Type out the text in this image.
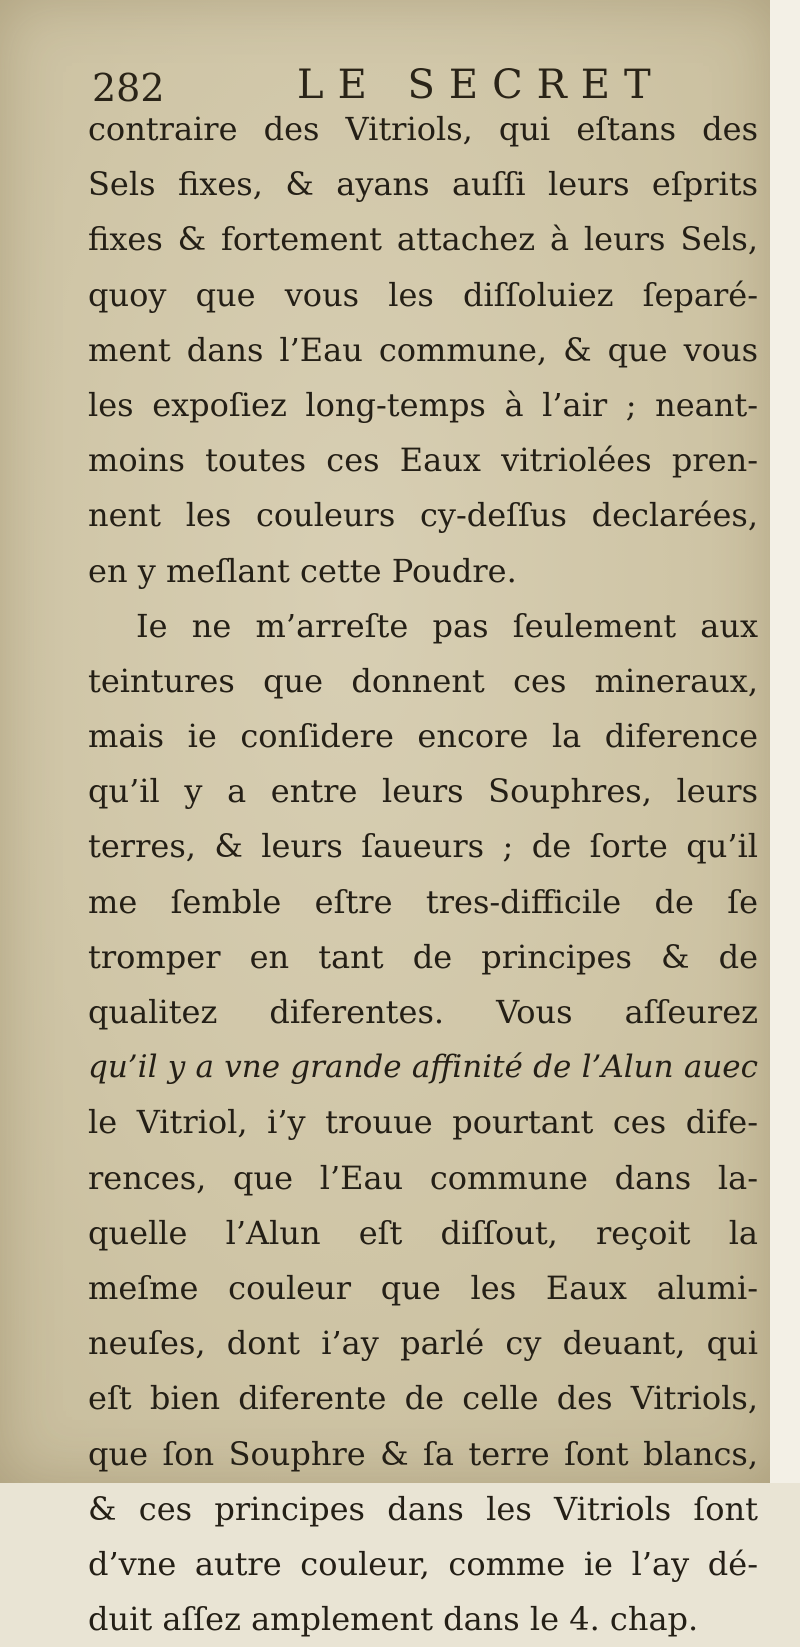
282	LE SECRET
contraire des Vitriols, qui eſtans des
Sels fixes, & ayans auſſi leurs eſprits
fixes & fortement attachez à leurs Sels,
quoy que vous les diſſoluiez ſeparé-
ment dans l’Eau commune, & que vous
les expoſiez long-temps à l’air ; neant-
moins toutes ces Eaux vitriolées pren-
nent les couleurs cy-deſſus declarées,
en y meſlant cette Poudre.
Ie ne m’arreſte pas ſeulement aux
teintures que donnent ces mineraux,
mais ie conſidere encore la diference
qu’il y a entre leurs Souphres, leurs
terres, & leurs ſaueurs ; de ſorte qu’il
me ſemble eſtre tres-difficile de ſe
tromper en tant de principes & de
qualitez diferentes. Vous aſſeurez
qu’il y a vne grande affinité de l’Alun auec
le Vitriol, i’y trouue pourtant ces dife-
rences, que l’Eau commune dans la-
quelle l’Alun eſt diſſout, reçoit la
meſme couleur que les Eaux alumi-
neuſes, dont i’ay parlé cy deuant, qui
eſt bien diferente de celle des Vitriols,
que ſon Souphre & ſa terre ſont blancs,
& ces principes dans les Vitriols ſont
d’vne autre couleur, comme ie l’ay dé-
duit aſſez amplement dans le 4. chap.
